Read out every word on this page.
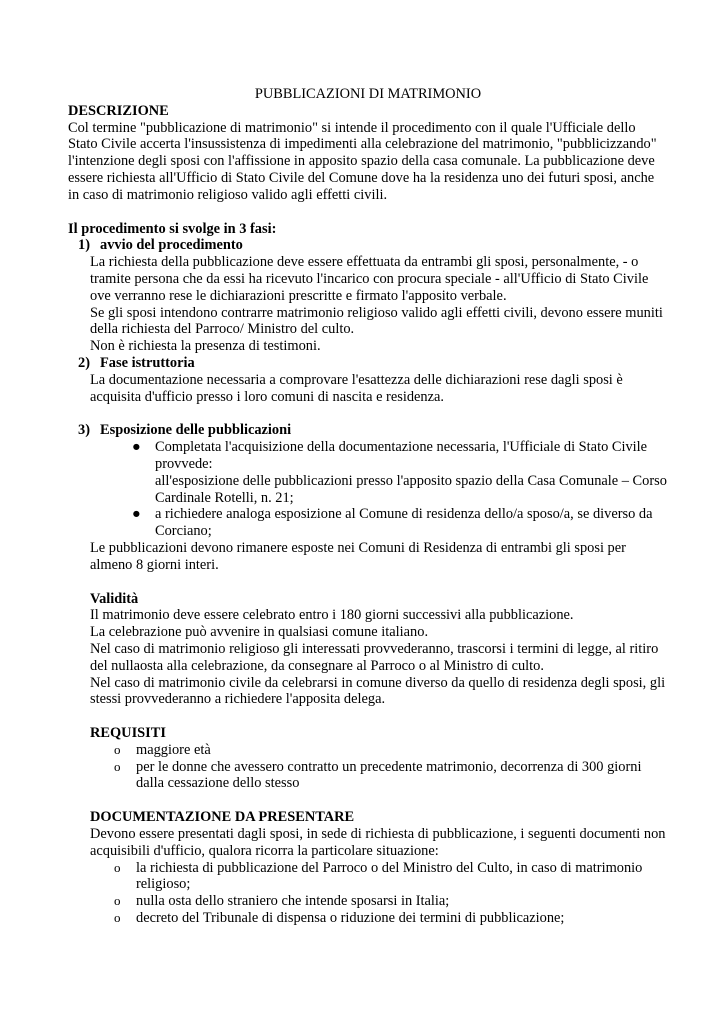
PUBBLICAZIONI DI MATRIMONIO

DESCRIZIONE

Col termine "pubblicazione di matrimonio" si intende il procedimento con il quale l'Ufficiale dello Stato Civile accerta l'insussistenza di impedimenti alla celebrazione del matrimonio, "pubblicizzando" l'intenzione degli sposi con l'affissione in apposito spazio della casa comunale. La pubblicazione deve essere richiesta all'Ufficio di Stato Civile del Comune dove ha la residenza uno dei futuri sposi, anche in caso di matrimonio religioso valido agli effetti civili.

Il procedimento si svolge in 3 fasi:

1) avvio del procedimento

La richiesta della pubblicazione deve essere effettuata da entrambi gli sposi, personalmente, - o tramite persona che da essi ha ricevuto l'incarico con procura speciale - all'Ufficio di Stato Civile ove verranno rese le dichiarazioni prescritte e firmato l'apposito verbale.

Se gli sposi intendono contrarre matrimonio religioso valido agli effetti civili, devono essere muniti della richiesta del Parroco/ Ministro del culto.

Non è richiesta la presenza di testimoni.

2) Fase istruttoria

La documentazione necessaria a comprovare l'esattezza delle dichiarazioni rese dagli sposi è acquisita d'ufficio presso i loro comuni di nascita e residenza.

3) Esposizione delle pubblicazioni

● Completata l'acquisizione della documentazione necessaria, l'Ufficiale di Stato Civile provvede:
all'esposizione delle pubblicazioni presso l'apposito spazio della Casa Comunale – Corso Cardinale Rotelli, n. 21;
● a richiedere analoga esposizione al Comune di residenza dello/a sposo/a, se diverso da Corciano;

Le pubblicazioni devono rimanere esposte nei Comuni di Residenza di entrambi gli sposi per almeno 8 giorni interi.

Validità

Il matrimonio deve essere celebrato entro i 180 giorni successivi alla pubblicazione.

La celebrazione può avvenire in qualsiasi comune italiano.

Nel caso di matrimonio religioso gli interessati provvederanno, trascorsi i termini di legge, al ritiro del nullaosta alla celebrazione, da consegnare al Parroco o al Ministro di culto.

Nel caso di matrimonio civile da celebrarsi in comune diverso da quello di residenza degli sposi, gli stessi provvederanno a richiedere l'apposita delega.

REQUISITI

o maggiore età
o per le donne che avessero contratto un precedente matrimonio, decorrenza di 300 giorni dalla cessazione dello stesso

DOCUMENTAZIONE DA PRESENTARE

Devono essere presentati dagli sposi, in sede di richiesta di pubblicazione, i seguenti documenti non acquisibili d'ufficio, qualora ricorra la particolare situazione:

o la richiesta di pubblicazione del Parroco o del Ministro del Culto, in caso di matrimonio religioso;
o nulla osta dello straniero che intende sposarsi in Italia;
o decreto del Tribunale di dispensa o riduzione dei termini di pubblicazione;
